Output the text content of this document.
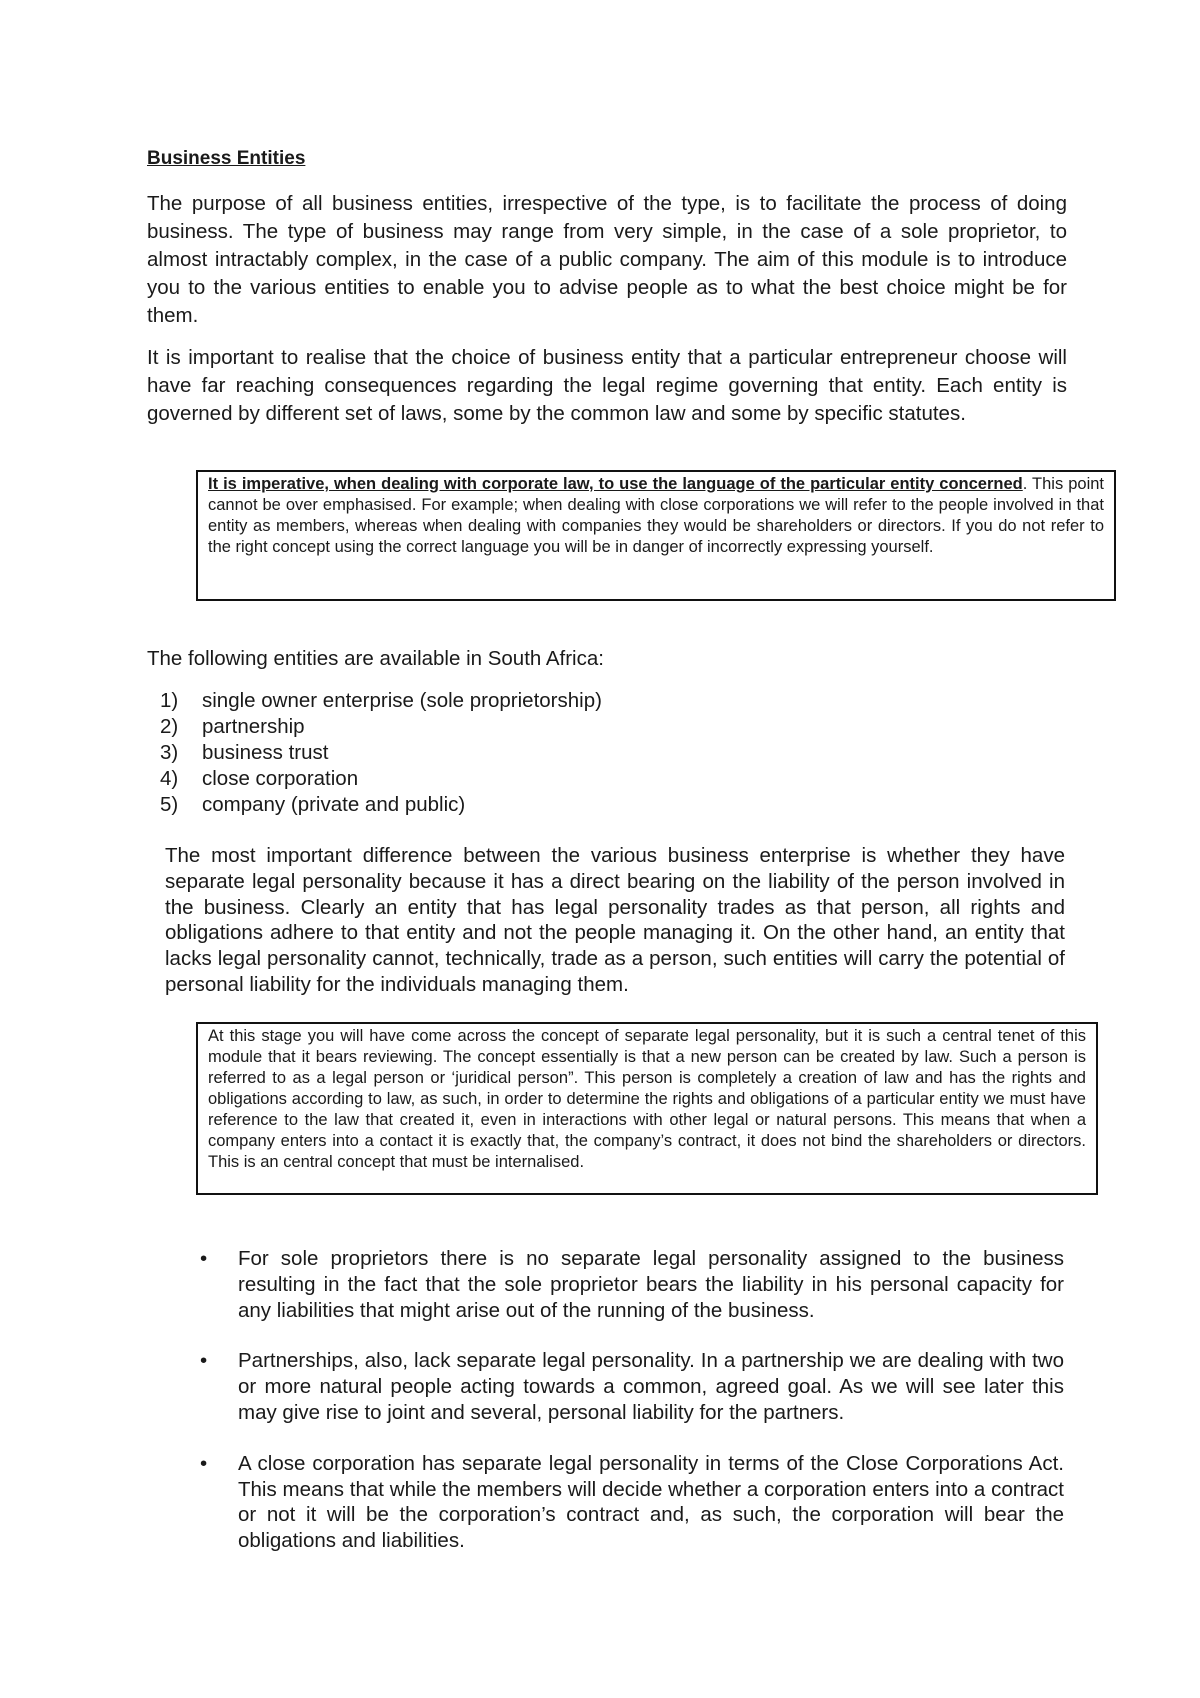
Business Entities

The purpose of all business entities, irrespective of the type, is to facilitate the process of doing business. The type of business may range from very simple, in the case of a sole proprietor, to almost intractably complex, in the case of a public company. The aim of this module is to introduce you to the various entities to enable you to advise people as to what the best choice might be for them.

It is important to realise that the choice of business entity that a particular entrepreneur choose will have far reaching consequences regarding the legal regime governing that entity. Each entity is governed by different set of laws, some by the common law and some by specific statutes.

It is imperative, when dealing with corporate law, to use the language of the particular entity concerned. This point cannot be over emphasised. For example; when dealing with close corporations we will refer to the people involved in that entity as members, whereas when dealing with companies they would be shareholders or directors. If you do not refer to the right concept using the correct language you will be in danger of incorrectly expressing yourself.
The following entities are available in South Africa:
1) single owner enterprise (sole proprietorship)
2) partnership
3) business trust
4) close corporation
5) company (private and public)

The most important difference between the various business enterprise is whether they have separate legal personality because it has a direct bearing on the liability of the person involved in the business. Clearly an entity that has legal personality trades as that person, all rights and obligations adhere to that entity and not the people managing it. On the other hand, an entity that lacks legal personality cannot, technically, trade as a person, such entities will carry the potential of personal liability for the individuals managing them.

At this stage you will have come across the concept of separate legal personality, but it is such a central tenet of this module that it bears reviewing. The concept essentially is that a new person can be created by law. Such a person is referred to as a legal person or ‘juridical person”. This person is completely a creation of law and has the rights and obligations according to law, as such, in order to determine the rights and obligations of a particular entity we must have reference to the law that created it, even in interactions with other legal or natural persons. This means that when a company enters into a contact it is exactly that, the company’s contract, it does not bind the shareholders or directors. This is an central concept that must be internalised.
• For sole proprietors there is no separate legal personality assigned to the business resulting in the fact that the sole proprietor bears the liability in his personal capacity for any liabilities that might arise out of the running of the business.
• Partnerships, also, lack separate legal personality. In a partnership we are dealing with two or more natural people acting towards a common, agreed goal. As we will see later this may give rise to joint and several, personal liability for the partners.
• A close corporation has separate legal personality in terms of the Close Corporations Act. This means that while the members will decide whether a corporation enters into a contract or not it will be the corporation’s contract and, as such, the corporation will bear the obligations and liabilities.
